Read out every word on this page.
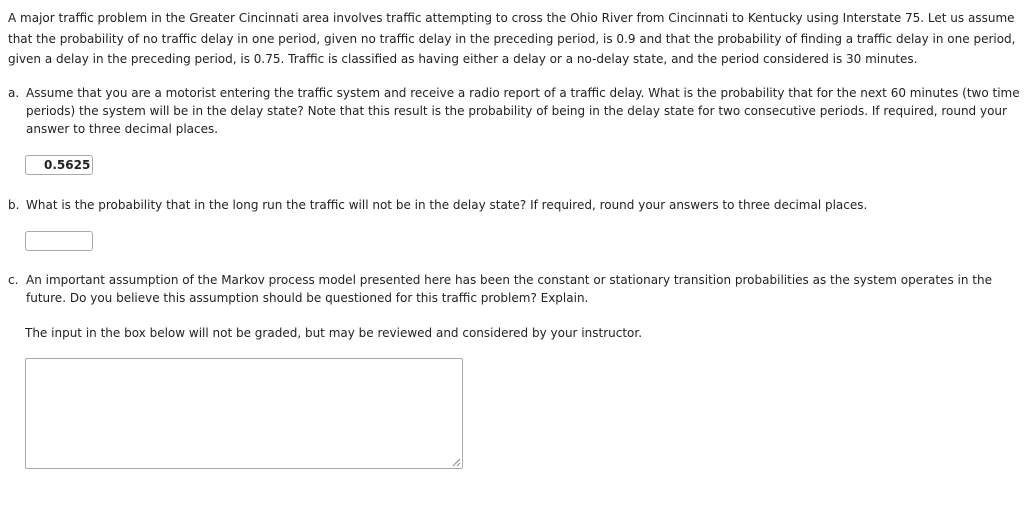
A major traffic problem in the Greater Cincinnati area involves traffic attempting to cross the Ohio River from Cincinnati to Kentucky using Interstate 75. Let us assume that the probability of no traffic delay in one period, given no traffic delay in the preceding period, is 0.9 and that the probability of finding a traffic delay in one period, given a delay in the preceding period, is 0.75. Traffic is classified as having either a delay or a no-delay state, and the period considered is 30 minutes.

a. Assume that you are a motorist entering the traffic system and receive a radio report of a traffic delay. What is the probability that for the next 60 minutes (two time periods) the system will be in the delay state? Note that this result is the probability of being in the delay state for two consecutive periods. If required, round your answer to three decimal places.

0.5625

b. What is the probability that in the long run the traffic will not be in the delay state? If required, round your answers to three decimal places.

c. An important assumption of the Markov process model presented here has been the constant or stationary transition probabilities as the system operates in the future. Do you believe this assumption should be questioned for this traffic problem? Explain.

The input in the box below will not be graded, but may be reviewed and considered by your instructor.
